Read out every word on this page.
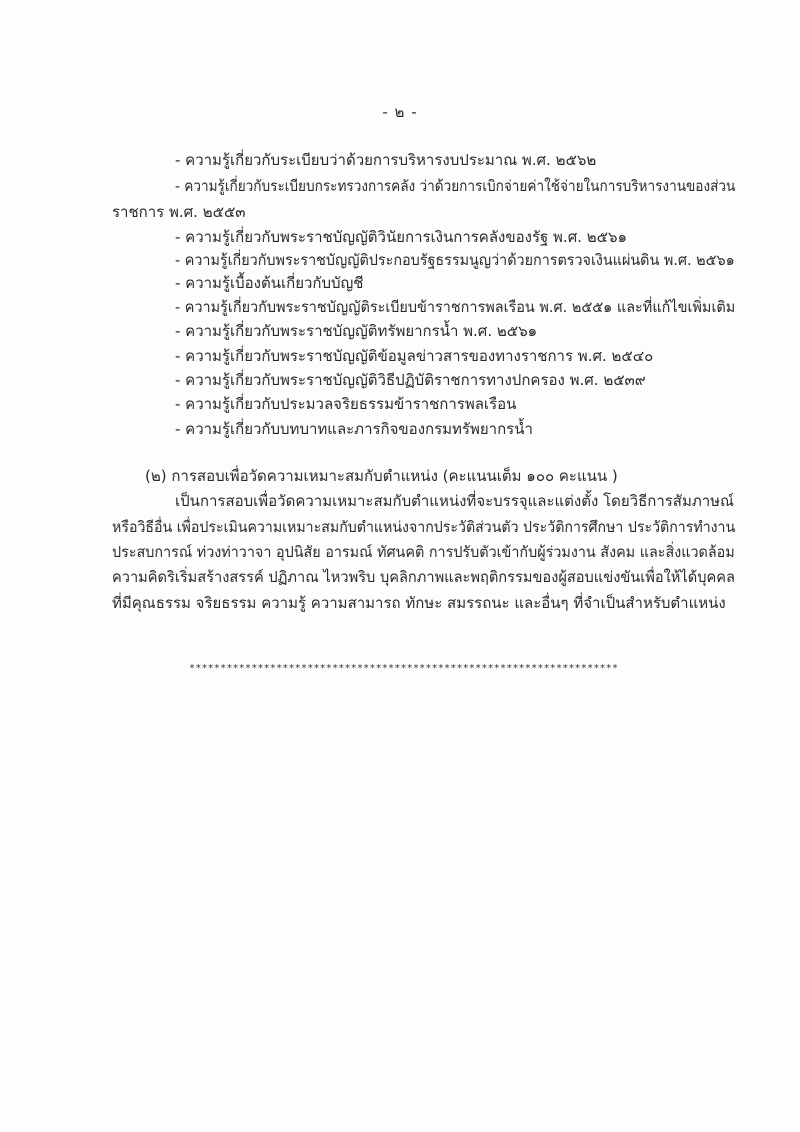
- ๒ -
- ความรู้เกี่ยวกับระเบียบว่าด้วยการบริหารงบประมาณ พ.ศ. ๒๕๖๒
- ความรู้เกี่ยวกับระเบียบกระทรวงการคลัง ว่าด้วยการเบิกจ่ายค่าใช้จ่ายในการบริหารงานของส่วน
ราชการ พ.ศ. ๒๕๕๓
- ความรู้เกี่ยวกับพระราชบัญญัติวินัยการเงินการคลังของรัฐ พ.ศ. ๒๕๖๑
- ความรู้เกี่ยวกับพระราชบัญญัติประกอบรัฐธรรมนูญว่าด้วยการตรวจเงินแผ่นดิน พ.ศ. ๒๕๖๑
- ความรู้เบื้องต้นเกี่ยวกับบัญชี
- ความรู้เกี่ยวกับพระราชบัญญัติระเบียบข้าราชการพลเรือน พ.ศ. ๒๕๕๑ และที่แก้ไขเพิ่มเติม
- ความรู้เกี่ยวกับพระราชบัญญัติทรัพยากรน้ำ พ.ศ. ๒๕๖๑
- ความรู้เกี่ยวกับพระราชบัญญัติข้อมูลข่าวสารของทางราชการ พ.ศ. ๒๕๔๐
- ความรู้เกี่ยวกับพระราชบัญญัติวิธีปฏิบัติราชการทางปกครอง พ.ศ. ๒๕๓๙
- ความรู้เกี่ยวกับประมวลจริยธรรมข้าราชการพลเรือน
- ความรู้เกี่ยวกับบทบาทและภารกิจของกรมทรัพยากรน้ำ
(๒) การสอบเพื่อวัดความเหมาะสมกับตำแหน่ง (คะแนนเต็ม ๑๐๐ คะแนน )
เป็นการสอบเพื่อวัดความเหมาะสมกับตำแหน่งที่จะบรรจุและแต่งตั้ง โดยวิธีการสัมภาษณ์
หรือวิธีอื่น เพื่อประเมินความเหมาะสมกับตำแหน่งจากประวัติส่วนตัว ประวัติการศึกษา ประวัติการทำงาน
ประสบการณ์ ท่วงท่าวาจา อุปนิสัย อารมณ์ ทัศนคติ การปรับตัวเข้ากับผู้ร่วมงาน สังคม และสิ่งแวดล้อม
ความคิดริเริ่มสร้างสรรค์ ปฏิภาณ ไหวพริบ บุคลิกภาพและพฤติกรรมของผู้สอบแข่งขันเพื่อให้ได้บุคคล
ที่มีคุณธรรม จริยธรรม ความรู้ ความสามารถ ทักษะ สมรรถนะ และอื่นๆ ที่จำเป็นสำหรับตำแหน่ง
*********************************************************************
